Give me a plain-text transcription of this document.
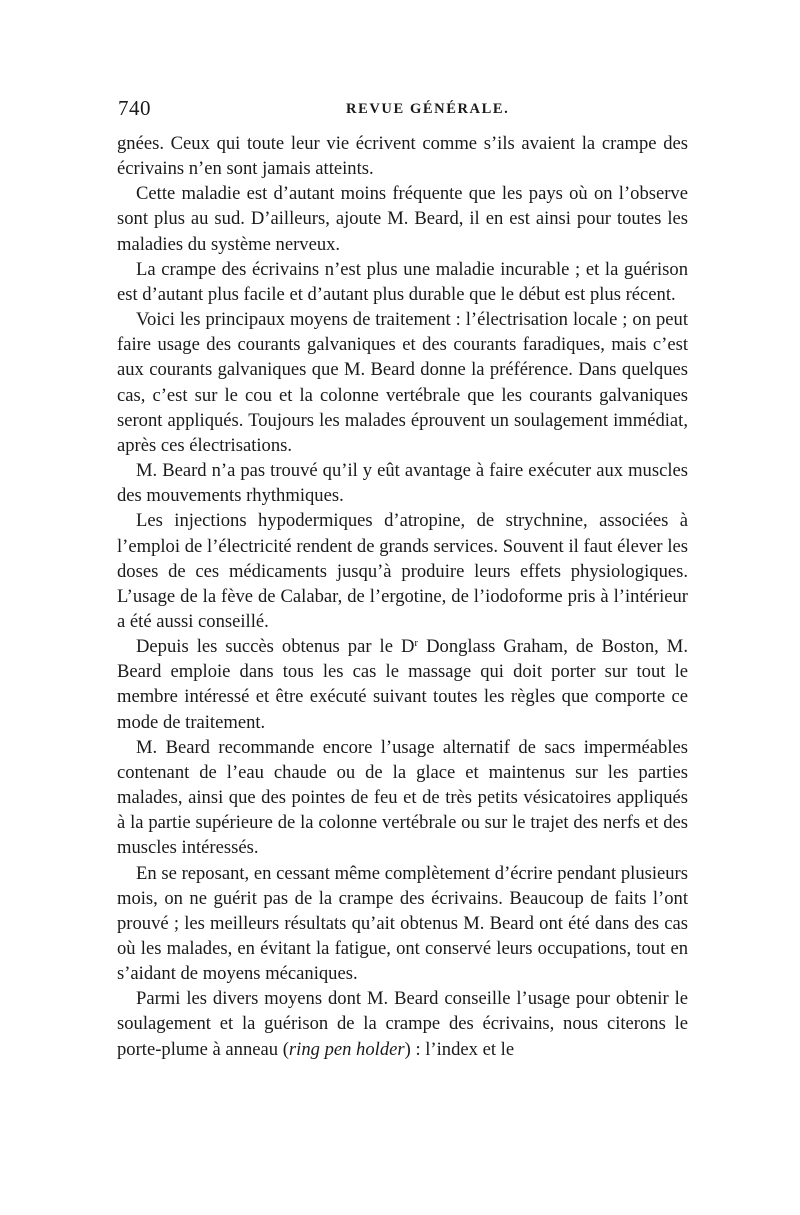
740	REVUE GÉNÉRALE.

gnées. Ceux qui toute leur vie écrivent comme s’ils avaient la crampe des écrivains n’en sont jamais atteints.

Cette maladie est d’autant moins fréquente que les pays où on l’observe sont plus au sud. D’ailleurs, ajoute M. Beard, il en est ainsi pour toutes les maladies du système nerveux.

La crampe des écrivains n’est plus une maladie incurable ; et la guérison est d’autant plus facile et d’autant plus durable que le début est plus récent.

Voici les principaux moyens de traitement : l’électrisation locale ; on peut faire usage des courants galvaniques et des courants faradiques, mais c’est aux courants galvaniques que M. Beard donne la préférence. Dans quelques cas, c’est sur le cou et la colonne vertébrale que les courants galvaniques seront appliqués. Toujours les malades éprouvent un soulagement immédiat, après ces électrisations.

M. Beard n’a pas trouvé qu’il y eût avantage à faire exécuter aux muscles des mouvements rhythmiques.

Les injections hypodermiques d’atropine, de strychnine, associées à l’emploi de l’électricité rendent de grands services. Souvent il faut élever les doses de ces médicaments jusqu’à produire leurs effets physiologiques. L’usage de la fève de Calabar, de l’ergotine, de l’iodoforme pris à l’intérieur a été aussi conseillé.

Depuis les succès obtenus par le $D^r$ Donglass Graham, de Boston, M. Beard emploie dans tous les cas le massage qui doit porter sur tout le membre intéressé et être exécuté suivant toutes les règles que comporte ce mode de traitement.

M. Beard recommande encore l’usage alternatif de sacs imperméables contenant de l’eau chaude ou de la glace et maintenus sur les parties malades, ainsi que des pointes de feu et de très petits vésicatoires appliqués à la partie supérieure de la colonne vertébrale ou sur le trajet des nerfs et des muscles intéressés.

En se reposant, en cessant même complètement d’écrire pendant plusieurs mois, on ne guérit pas de la crampe des écrivains. Beaucoup de faits l’ont prouvé ; les meilleurs résultats qu’ait obtenus M. Beard ont été dans des cas où les malades, en évitant la fatigue, ont conservé leurs occupations, tout en s’aidant de moyens mécaniques.

Parmi les divers moyens dont M. Beard conseille l’usage pour obtenir le soulagement et la guérison de la crampe des écrivains, nous citerons le porte-plume à anneau (ring pen holder) : l’index et le
